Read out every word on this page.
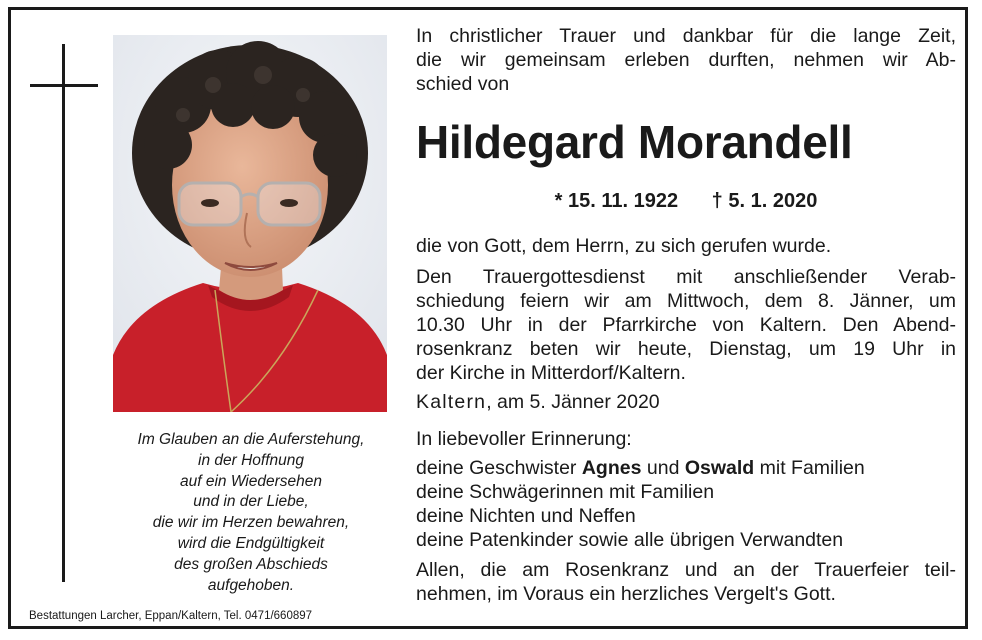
Im Glauben an die Auferstehung,
in der Hoffnung
auf ein Wiedersehen
und in der Liebe,
die wir im Herzen bewahren,
wird die Endgültigkeit
des großen Abschieds
aufgehoben.
Bestattungen Larcher, Eppan/Kaltern, Tel. 0471/660897
In christlicher Trauer und dankbar für die lange Zeit,
die wir gemeinsam erleben durften, nehmen wir Ab-
schied von
Hildegard Morandell
* 15. 11. 1922 † 5. 1. 2020
die von Gott, dem Herrn, zu sich gerufen wurde.
Den Trauergottesdienst mit anschließender Verab-
schiedung feiern wir am Mittwoch, dem 8. Jänner, um
10.30 Uhr in der Pfarrkirche von Kaltern. Den Abend-
rosenkranz beten wir heute, Dienstag, um 19 Uhr in
der Kirche in Mitterdorf/Kaltern.
Kaltern, am 5. Jänner 2020
In liebevoller Erinnerung:
deine Geschwister Agnes und Oswald mit Familien
deine Schwägerinnen mit Familien
deine Nichten und Neffen
deine Patenkinder sowie alle übrigen Verwandten
Allen, die am Rosenkranz und an der Trauerfeier teil-
nehmen, im Voraus ein herzliches Vergelt's Gott.
